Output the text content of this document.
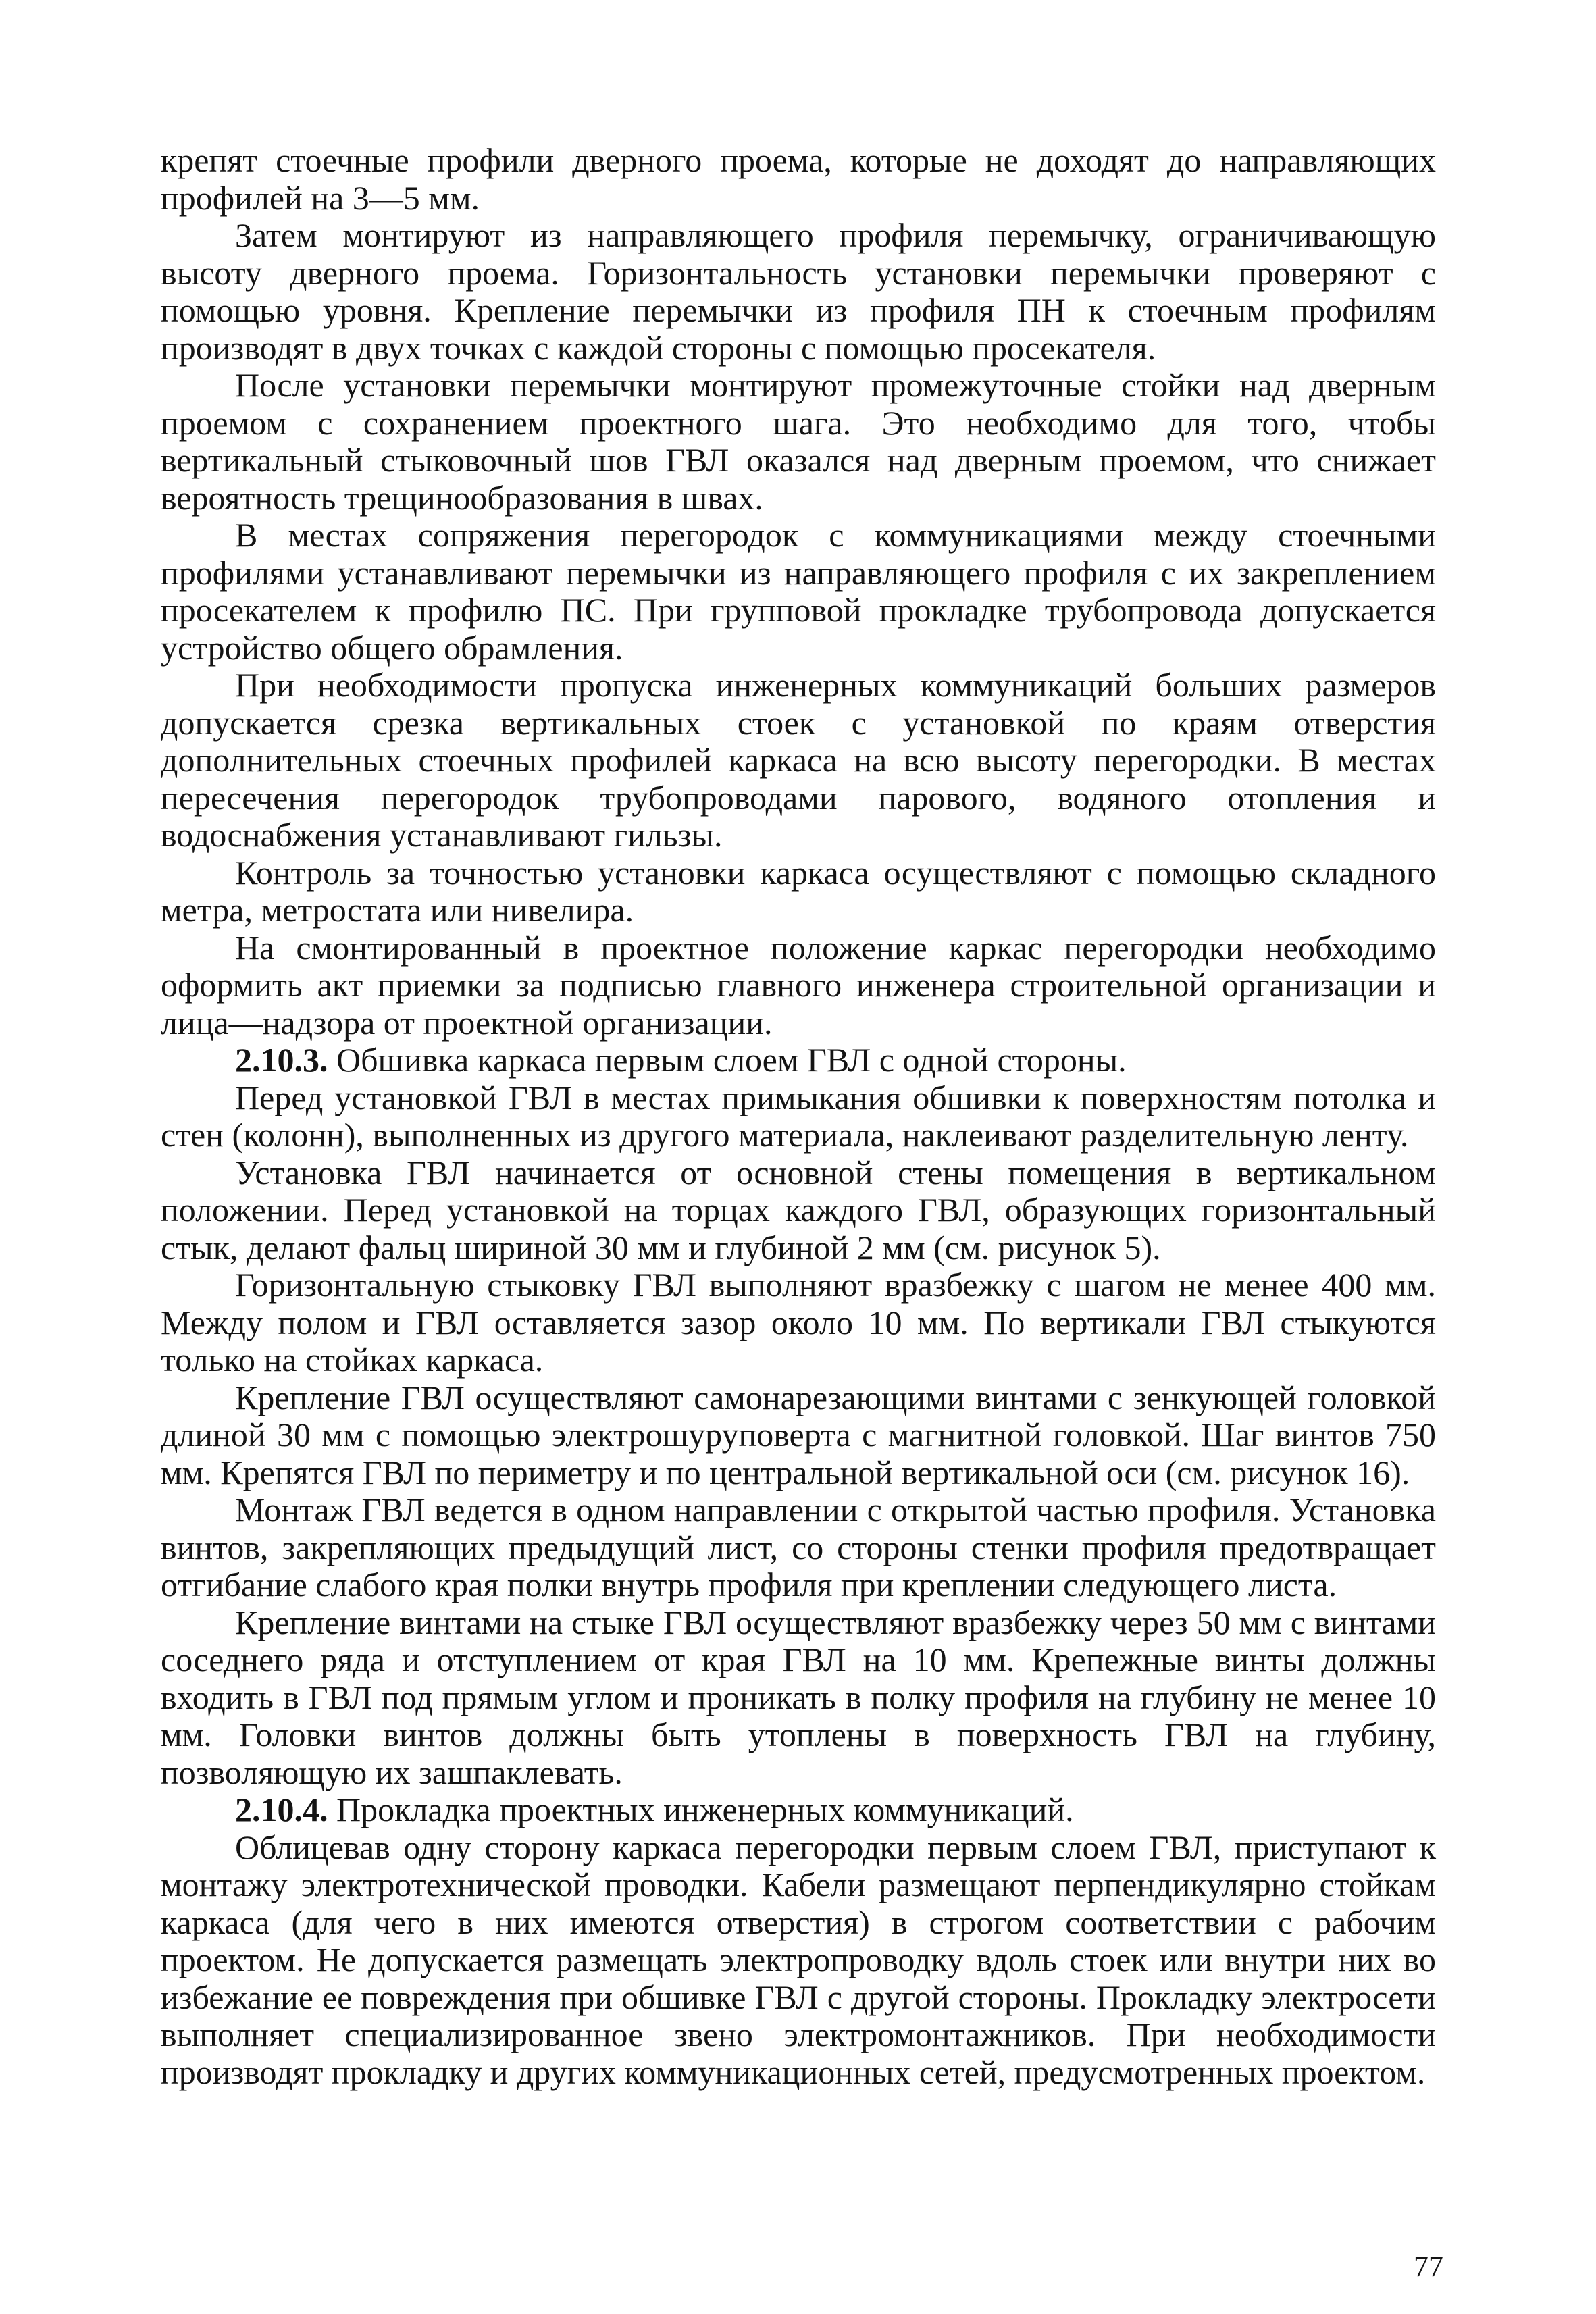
крепят стоечные профили дверного проема, которые не доходят до направляющих профилей на 3—5 мм.

Затем монтируют из направляющего профиля перемычку, ограничивающую высоту дверного проема. Горизонтальность установки перемычки проверяют с помощью уровня. Крепление перемычки из профиля ПН к стоечным профилям производят в двух точках с каждой стороны с помощью просекателя.

После установки перемычки монтируют промежуточные стойки над дверным проемом с сохранением проектного шага. Это необходимо для того, чтобы вертикальный стыковочный шов ГВЛ оказался над дверным проемом, что снижает вероятность трещинообразования в швах.

В местах сопряжения перегородок с коммуникациями между стоечными профилями устанавливают перемычки из направляющего профиля с их закреплением просекателем к профилю ПС. При групповой прокладке трубопровода допускается устройство общего обрамления.

При необходимости пропуска инженерных коммуникаций больших размеров допускается срезка вертикальных стоек с установкой по краям отверстия дополнительных стоечных профилей каркаса на всю высоту перегородки. В местах пересечения перегородок трубопроводами парового, водяного отопления и водоснабжения устанавливают гильзы.

Контроль за точностью установки каркаса осуществляют с помощью складного метра, метростата или нивелира.

На смонтированный в проектное положение каркас перегородки необходимо оформить акт приемки за подписью главного инженера строительной организации и лица—надзора от проектной организации.

2.10.3. Обшивка каркаса первым слоем ГВЛ с одной стороны.

Перед установкой ГВЛ в местах примыкания обшивки к поверхностям потолка и стен (колонн), выполненных из другого материала, наклеивают разделительную ленту.

Установка ГВЛ начинается от основной стены помещения в вертикальном положении. Перед установкой на торцах каждого ГВЛ, образующих горизонтальный стык, делают фальц шириной 30 мм и глубиной 2 мм (см. рисунок 5).

Горизонтальную стыковку ГВЛ выполняют вразбежку с шагом не менее 400 мм. Между полом и ГВЛ оставляется зазор около 10 мм. По вертикали ГВЛ стыкуются только на стойках каркаса.

Крепление ГВЛ осуществляют самонарезающими винтами с зенкующей головкой длиной 30 мм с помощью электрошуруповерта с магнитной головкой. Шаг винтов 750 мм. Крепятся ГВЛ по периметру и по центральной вертикальной оси (см. рисунок 16).

Монтаж ГВЛ ведется в одном направлении с открытой частью профиля. Установка винтов, закрепляющих предыдущий лист, со стороны стенки профиля предотвращает отгибание слабого края полки внутрь профиля при креплении следующего листа.

Крепление винтами на стыке ГВЛ осуществляют вразбежку через 50 мм с винтами соседнего ряда и отступлением от края ГВЛ на 10 мм. Крепежные винты должны входить в ГВЛ под прямым углом и проникать в полку профиля на глубину не менее 10 мм. Головки винтов должны быть утоплены в поверхность ГВЛ на глубину, позволяющую их зашпаклевать.

2.10.4. Прокладка проектных инженерных коммуникаций.

Облицевав одну сторону каркаса перегородки первым слоем ГВЛ, приступают к монтажу электротехнической проводки. Кабели размещают перпендикулярно стойкам каркаса (для чего в них имеются отверстия) в строгом соответствии с рабочим проектом. Не допускается размещать электропроводку вдоль стоек или внутри них во избежание ее повреждения при обшивке ГВЛ с другой стороны. Прокладку электросети выполняет специализированное звено электромонтажников. При необходимости производят прокладку и других коммуникационных сетей, предусмотренных проектом.

77
